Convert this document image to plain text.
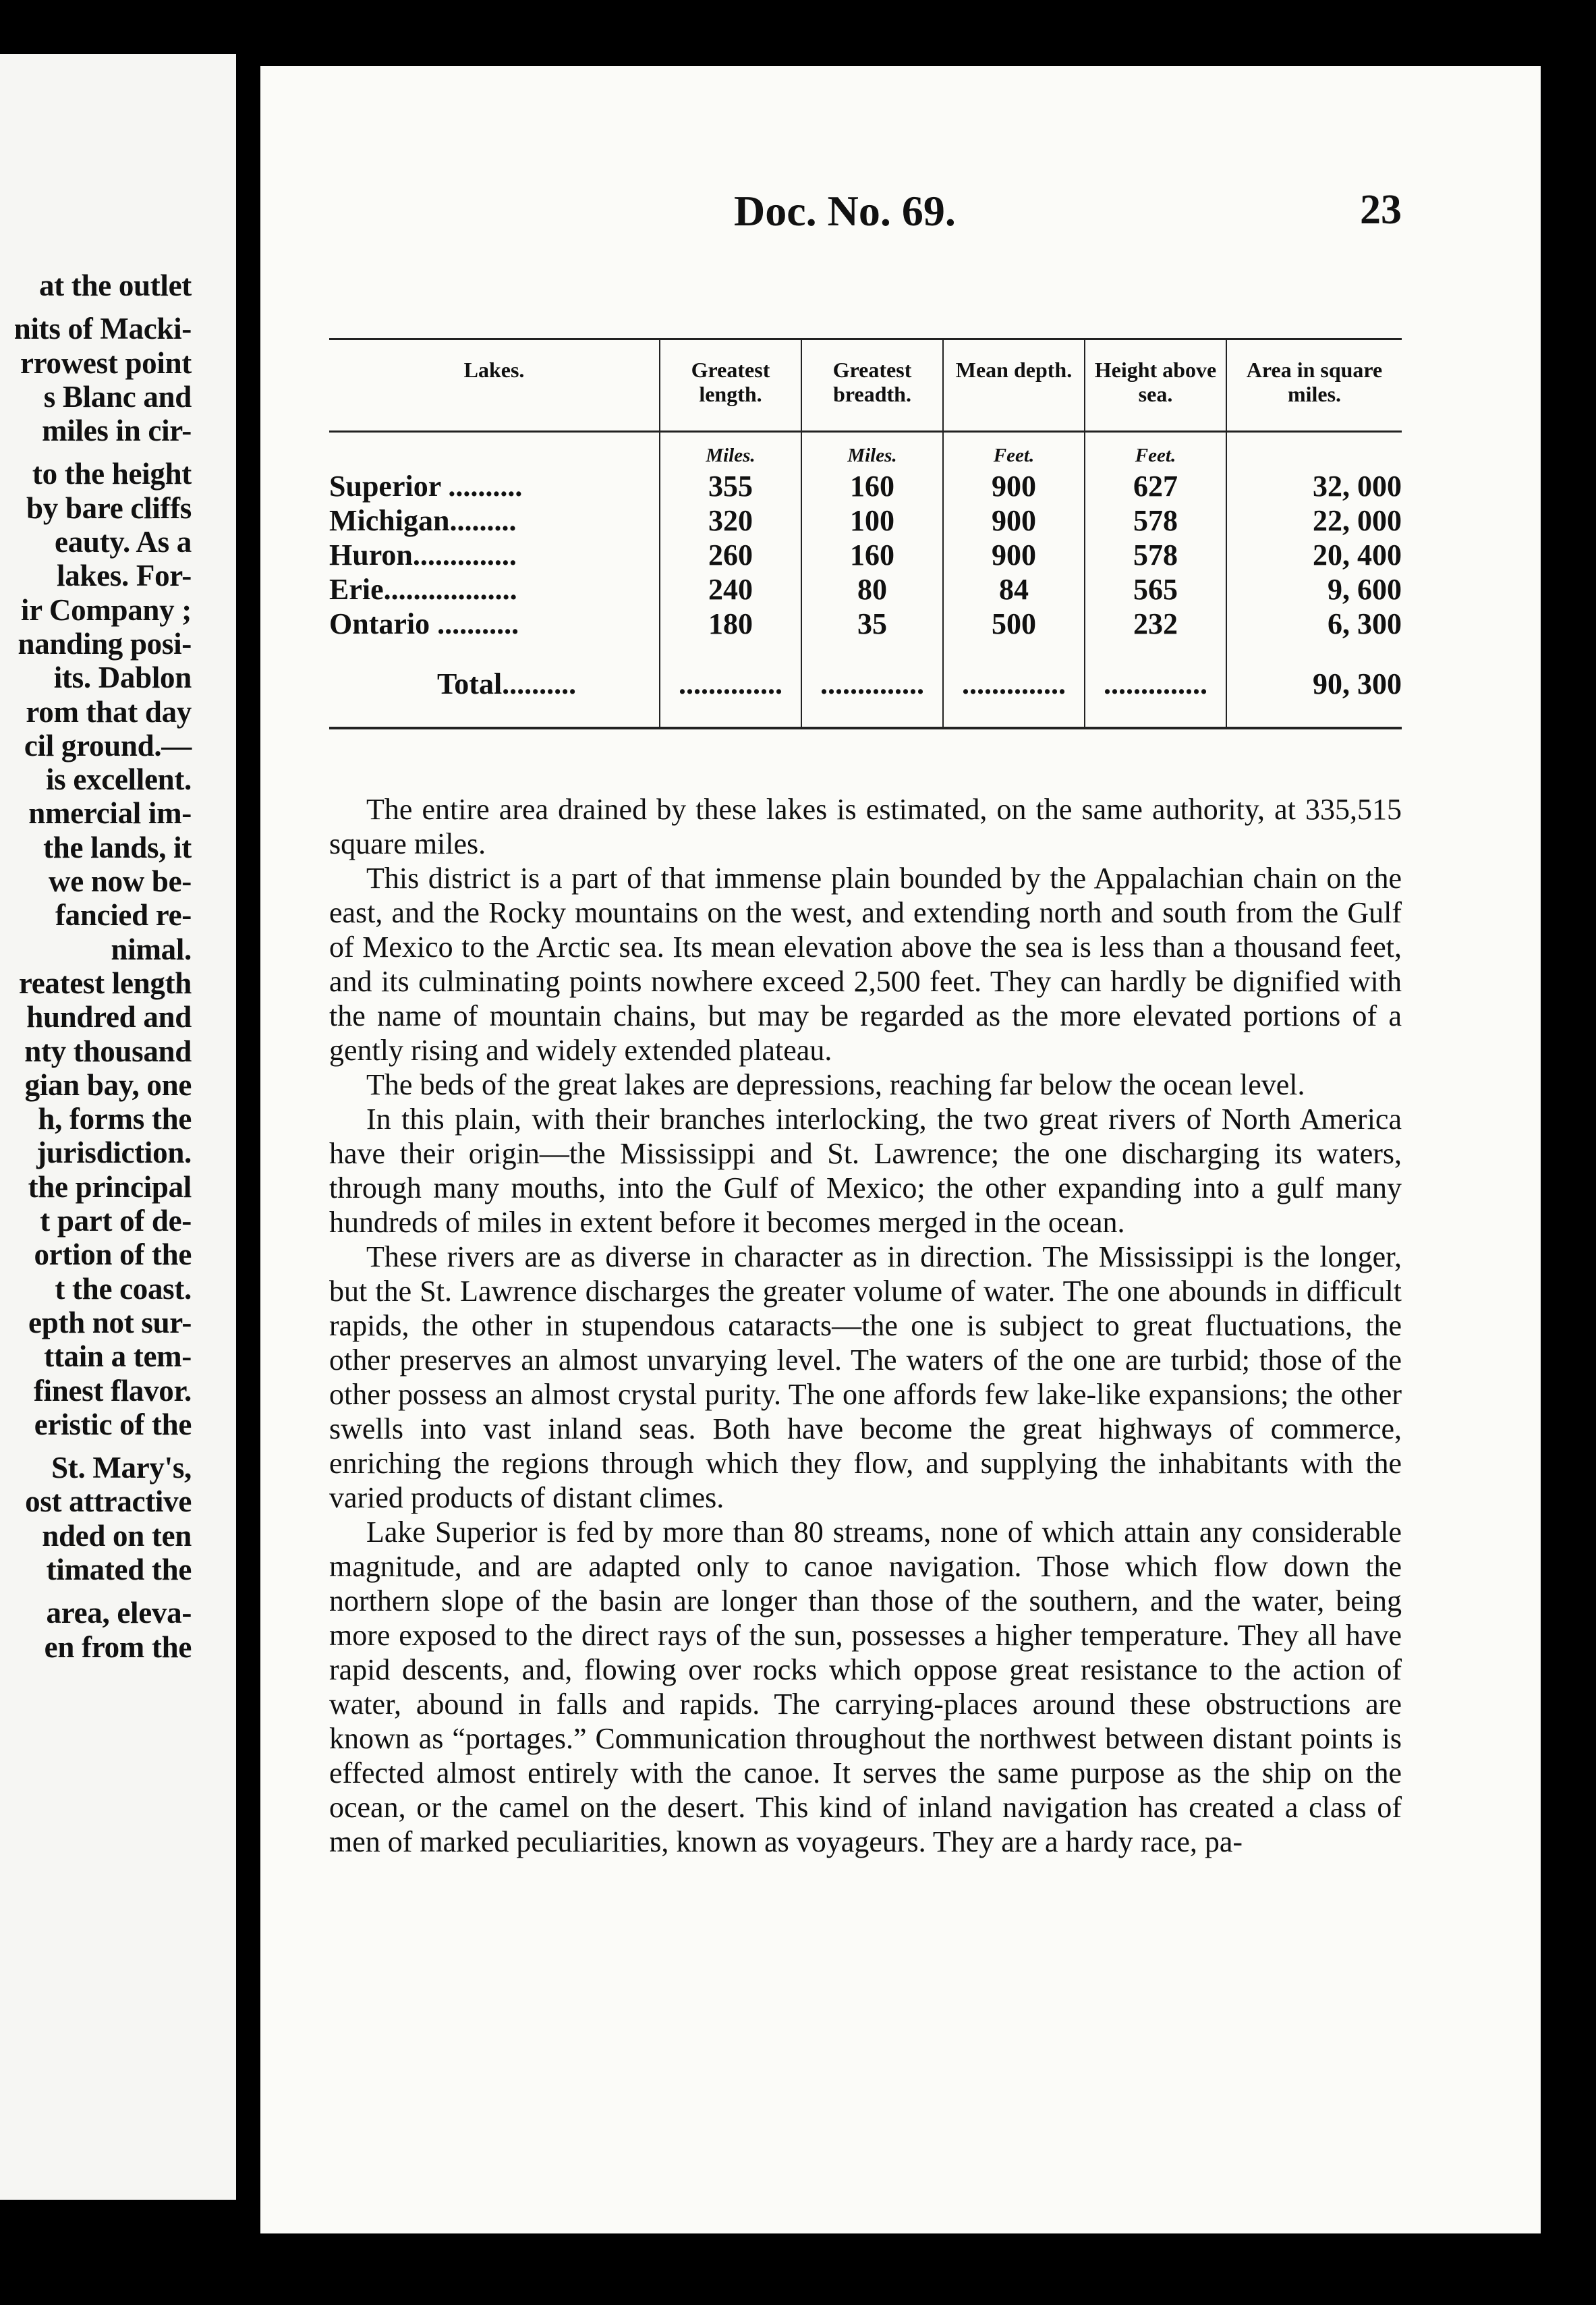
at the outlet
nits of Macki-
rrowest point
s Blanc and
miles in cir-
to the height
by bare cliffs
eauty. As a
lakes. For-
ir Company ;
nanding posi-
its. Dablon
rom that day
cil ground.—
is excellent.
nmercial im-
the lands, it
we now be-
fancied re-
nimal.
reatest length
hundred and
nty thousand
gian bay, one
h, forms the
jurisdiction.
the principal
t part of de-
ortion of the
t the coast.
epth not sur-
ttain a tem-
finest flavor.
eristic of the
St. Mary's,
ost attractive
nded on ten
timated the
area, eleva-
en from the
Doc. No. 69.	23
Lakes.	Greatest length.	Greatest breadth.	Mean depth.	Height above sea.	Area in square miles.
	Miles.	Miles.	Feet.	Feet.	
Superior ..........	355	160	900	627	32, 000
Michigan.........	320	100	900	578	22, 000
Huron..............	260	160	900	578	20, 400
Erie..................	240	80	84	565	9, 600
Ontario ...........	180	35	500	232	6, 300
Total..........	..............	..............	..............	..............	90, 300

The entire area drained by these lakes is estimated, on the same authority, at 335,515 square miles.

This district is a part of that immense plain bounded by the Appalachian chain on the east, and the Rocky mountains on the west, and extending north and south from the Gulf of Mexico to the Arctic sea. Its mean elevation above the sea is less than a thousand feet, and its culminating points nowhere exceed 2,500 feet. They can hardly be dignified with the name of mountain chains, but may be regarded as the more elevated portions of a gently rising and widely extended plateau.

The beds of the great lakes are depressions, reaching far below the ocean level.

In this plain, with their branches interlocking, the two great rivers of North America have their origin—the Mississippi and St. Lawrence; the one discharging its waters, through many mouths, into the Gulf of Mexico; the other expanding into a gulf many hundreds of miles in extent before it becomes merged in the ocean.

These rivers are as diverse in character as in direction. The Mississippi is the longer, but the St. Lawrence discharges the greater volume of water. The one abounds in difficult rapids, the other in stupendous cataracts—the one is subject to great fluctuations, the other preserves an almost unvarying level. The waters of the one are turbid; those of the other possess an almost crystal purity. The one affords few lake-like expansions; the other swells into vast inland seas. Both have become the great highways of commerce, enriching the regions through which they flow, and supplying the inhabitants with the varied products of distant climes.

Lake Superior is fed by more than 80 streams, none of which attain any considerable magnitude, and are adapted only to canoe navigation. Those which flow down the northern slope of the basin are longer than those of the southern, and the water, being more exposed to the direct rays of the sun, possesses a higher temperature. They all have rapid descents, and, flowing over rocks which oppose great resistance to the action of water, abound in falls and rapids. The carrying-places around these obstructions are known as “portages.” Communication throughout the northwest between distant points is effected almost entirely with the canoe. It serves the same purpose as the ship on the ocean, or the camel on the desert. This kind of inland navigation has created a class of men of marked peculiarities, known as voyageurs. They are a hardy race, pa-
